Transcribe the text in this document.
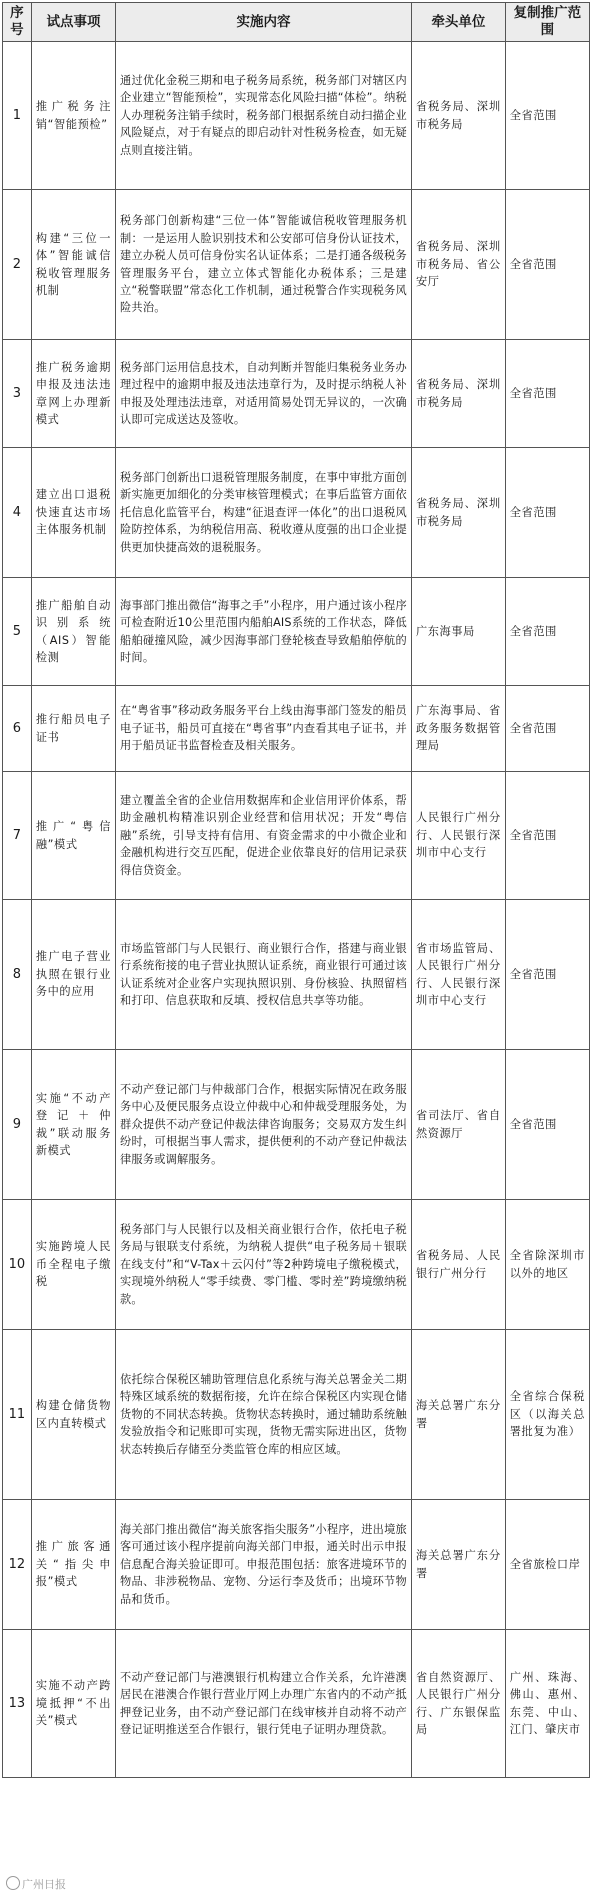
序号	试点事项	实施内容	牵头单位	复制推广范围
1	推广税务注销“智能预检”	通过优化金税三期和电子税务局系统，税务部门对辖区内企业建立“智能预检”，实现常态化风险扫描“体检”。纳税人办理税务注销手续时，税务部门根据系统自动扫描企业风险疑点，对于有疑点的即启动针对性税务检查，如无疑点则直接注销。	省税务局、深圳市税务局	全省范围
2	构建“三位一体”智能诚信税收管理服务机制	税务部门创新构建“三位一体”智能诚信税收管理服务机制：一是运用人脸识别技术和公安部可信身份认证技术，建立办税人员可信身份实名认证体系；二是打通各级税务管理服务平台，建立立体式智能化办税体系；三是建立“税警联盟”常态化工作机制，通过税警合作实现税务风险共治。	省税务局、深圳市税务局、省公安厅	全省范围
3	推广税务逾期申报及违法违章网上办理新模式	税务部门运用信息技术，自动判断并智能归集税务业务办理过程中的逾期申报及违法违章行为，及时提示纳税人补申报及处理违法违章，对适用简易处罚无异议的，一次确认即可完成送达及签收。	省税务局、深圳市税务局	全省范围
4	建立出口退税快速直达市场主体服务机制	税务部门创新出口退税管理服务制度，在事中审批方面创新实施更加细化的分类审核管理模式；在事后监管方面依托信息化监管平台，构建“征退查评一体化”的出口退税风险防控体系，为纳税信用高、税收遵从度强的出口企业提供更加快捷高效的退税服务。	省税务局、深圳市税务局	全省范围
5	推广船舶自动识别系统（AIS）智能检测	海事部门推出微信“海事之手”小程序，用户通过该小程序可检查附近10公里范围内船舶AIS系统的工作状态，降低船舶碰撞风险，减少因海事部门登轮核查导致船舶停航的时间。	广东海事局	全省范围
6	推行船员电子证书	在“粤省事”移动政务服务平台上线由海事部门签发的船员电子证书，船员可直接在“粤省事”内查看其电子证书，并用于船员证书监督检查及相关服务。	广东海事局、省政务服务数据管理局	全省范围
7	推广“粤信融”模式	建立覆盖全省的企业信用数据库和企业信用评价体系，帮助金融机构精准识别企业经营和信用状况；开发“粤信融”系统，引导支持有信用、有资金需求的中小微企业和金融机构进行交互匹配，促进企业依靠良好的信用记录获得信贷资金。	人民银行广州分行、人民银行深圳市中心支行	全省范围
8	推广电子营业执照在银行业务中的应用	市场监管部门与人民银行、商业银行合作，搭建与商业银行系统衔接的电子营业执照认证系统，商业银行可通过该认证系统对企业客户实现执照识别、身份核验、执照留档和打印、信息获取和反填、授权信息共享等功能。	省市场监管局、人民银行广州分行、人民银行深圳市中心支行	全省范围
9	实施“不动产登记＋仲裁”联动服务新模式	不动产登记部门与仲裁部门合作，根据实际情况在政务服务中心及便民服务点设立仲裁中心和仲裁受理服务处，为群众提供不动产登记仲裁法律咨询服务；交易双方发生纠纷时，可根据当事人需求，提供便利的不动产登记仲裁法律服务或调解服务。	省司法厅、省自然资源厅	全省范围
10	实施跨境人民币全程电子缴税	税务部门与人民银行以及相关商业银行合作，依托电子税务局与银联支付系统，为纳税人提供“电子税务局＋银联在线支付”和“V-Tax＋云闪付”等2种跨境电子缴税模式，实现境外纳税人“零手续费、零门槛、零时差”跨境缴纳税款。	省税务局、人民银行广州分行	全省除深圳市以外的地区
11	构建仓储货物区内直转模式	依托综合保税区辅助管理信息化系统与海关总署金关二期特殊区域系统的数据衔接，允许在综合保税区内实现仓储货物的不同状态转换。货物状态转换时，通过辅助系统触发验放指令和记账即可实现，货物无需实际进出区，货物状态转换后存储至分类监管仓库的相应区域。	海关总署广东分署	全省综合保税区（以海关总署批复为准）
12	推广旅客通关“指尖申报”模式	海关部门推出微信“海关旅客指尖服务”小程序，进出境旅客可通过该小程序提前向海关部门申报，通关时出示申报信息配合海关验证即可。申报范围包括：旅客进境环节的物品、非涉税物品、宠物、分运行李及货币；出境环节物品和货币。	海关总署广东分署	全省旅检口岸
13	实施不动产跨境抵押“不出关”模式	不动产登记部门与港澳银行机构建立合作关系，允许港澳居民在港澳合作银行营业厅网上办理广东省内的不动产抵押登记业务，由不动产登记部门在线审核并自动将不动产登记证明推送至合作银行，银行凭电子证明办理贷款。	省自然资源厅、人民银行广州分行、广东银保监局	广州、珠海、佛山、惠州、东莞、中山、江门、肇庆市
广州日报
